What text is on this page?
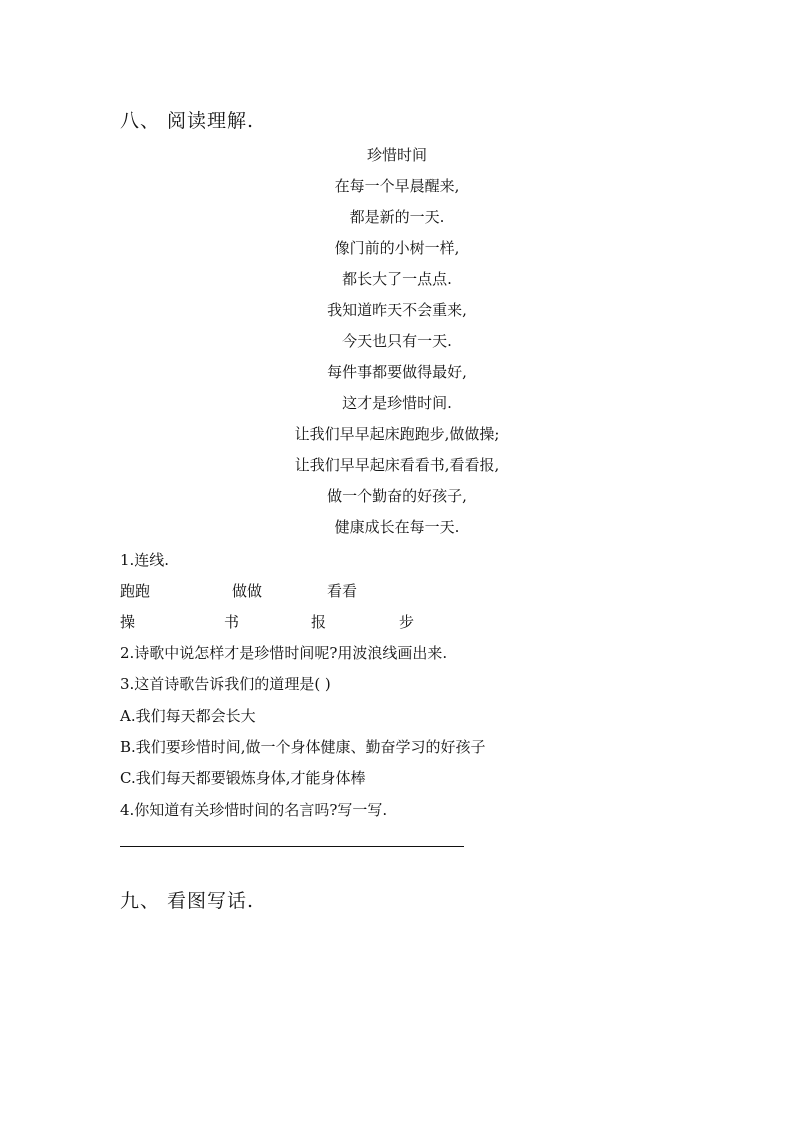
八、 阅读理解.
珍惜时间
在每一个早晨醒来,
都是新的一天.
像门前的小树一样,
都长大了一点点.
我知道昨天不会重来,
今天也只有一天.
每件事都要做得最好,
这才是珍惜时间.
让我们早早起床跑跑步,做做操;
让我们早早起床看看书,看看报,
做一个勤奋的好孩子,
健康成长在每一天.
1.连线.
跑跑	做做	看看
操	书	报	步
2.诗歌中说怎样才是珍惜时间呢?用波浪线画出来.
3.这首诗歌告诉我们的道理是( )
A.我们每天都会长大
B.我们要珍惜时间,做一个身体健康、勤奋学习的好孩子
C.我们每天都要锻炼身体,才能身体棒
4.你知道有关珍惜时间的名言吗?写一写.
九、 看图写话.
